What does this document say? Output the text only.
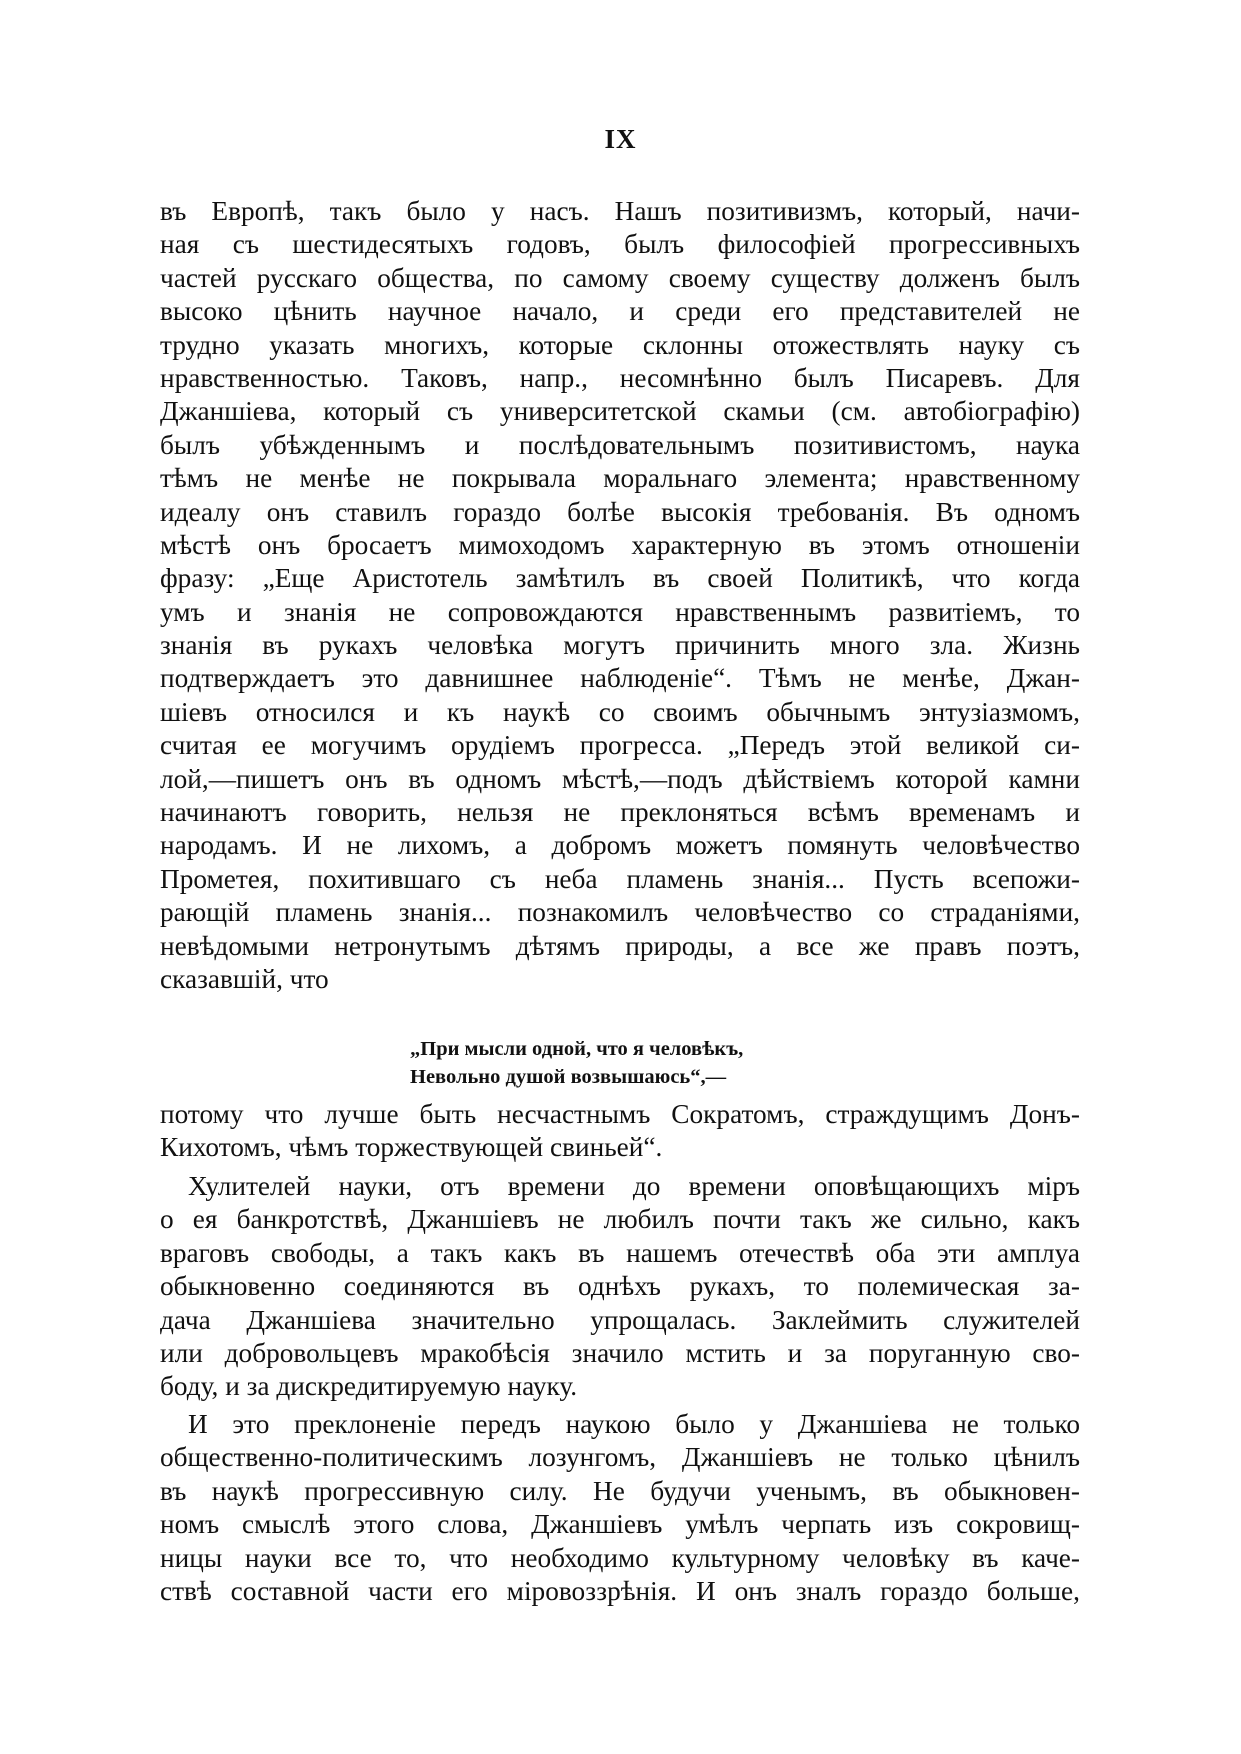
IX
въ Европѣ, такъ было у насъ. Нашъ позитивизмъ, который, начи-
ная съ шестидесятыхъ годовъ, былъ философіей прогрессивныхъ
частей русскаго общества, по самому своему существу долженъ былъ
высоко цѣнить научное начало, и среди его представителей не
трудно указать многихъ, которые склонны отожествлять науку съ
нравственностью. Таковъ, напр., несомнѣнно былъ Писаревъ. Для
Джаншіева, который съ университетской скамьи (см. автобіографію)
былъ убѣжденнымъ и послѣдовательнымъ позитивистомъ, наука
тѣмъ не менѣе не покрывала моральнаго элемента; нравственному
идеалу онъ ставилъ гораздо болѣе высокія требованія. Въ одномъ
мѣстѣ онъ бросаетъ мимоходомъ характерную въ этомъ отношеніи
фразу: „Еще Аристотель замѣтилъ въ своей Политикѣ, что когда
умъ и знанія не сопровождаются нравственнымъ развитіемъ, то
знанія въ рукахъ человѣка могутъ причинить много зла. Жизнь
подтверждаетъ это давнишнее наблюденіе“. Тѣмъ не менѣе, Джан-
шіевъ относился и къ наукѣ со своимъ обычнымъ энтузіазмомъ,
считая ее могучимъ орудіемъ прогресса. „Передъ этой великой си-
лой,—пишетъ онъ въ одномъ мѣстѣ,—подъ дѣйствіемъ которой камни
начинаютъ говорить, нельзя не преклоняться всѣмъ временамъ и
народамъ. И не лихомъ, а добромъ можетъ помянуть человѣчество
Прометея, похитившаго съ неба пламень знанія... Пусть всепожи-
рающій пламень знанія... познакомилъ человѣчество со страданіями,
невѣдомыми нетронутымъ дѣтямъ природы, а все же правъ поэтъ,
сказавшій, что
„При мысли одной, что я человѣкъ,
Невольно душой возвышаюсь“,—
потому что лучше быть несчастнымъ Сократомъ, страждущимъ Донъ-
Кихотомъ, чѣмъ торжествующей свиньей“.
Хулителей науки, отъ времени до времени оповѣщающихъ міръ
о ея банкротствѣ, Джаншіевъ не любилъ почти такъ же сильно, какъ
враговъ свободы, а такъ какъ въ нашемъ отечествѣ оба эти амплуа
обыкновенно соединяются въ однѣхъ рукахъ, то полемическая за-
дача Джаншіева значительно упрощалась. Заклеймить служителей
или добровольцевъ мракобѣсія значило мстить и за поруганную сво-
боду, и за дискредитируемую науку.
И это преклоненіе передъ наукою было у Джаншіева не только
общественно-политическимъ лозунгомъ, Джаншіевъ не только цѣнилъ
въ наукѣ прогрессивную силу. Не будучи ученымъ, въ обыкновен-
номъ смыслѣ этого слова, Джаншіевъ умѣлъ черпать изъ сокровищ-
ницы науки все то, что необходимо культурному человѣку въ каче-
ствѣ составной части его міровоззрѣнія. И онъ зналъ гораздо больше,
